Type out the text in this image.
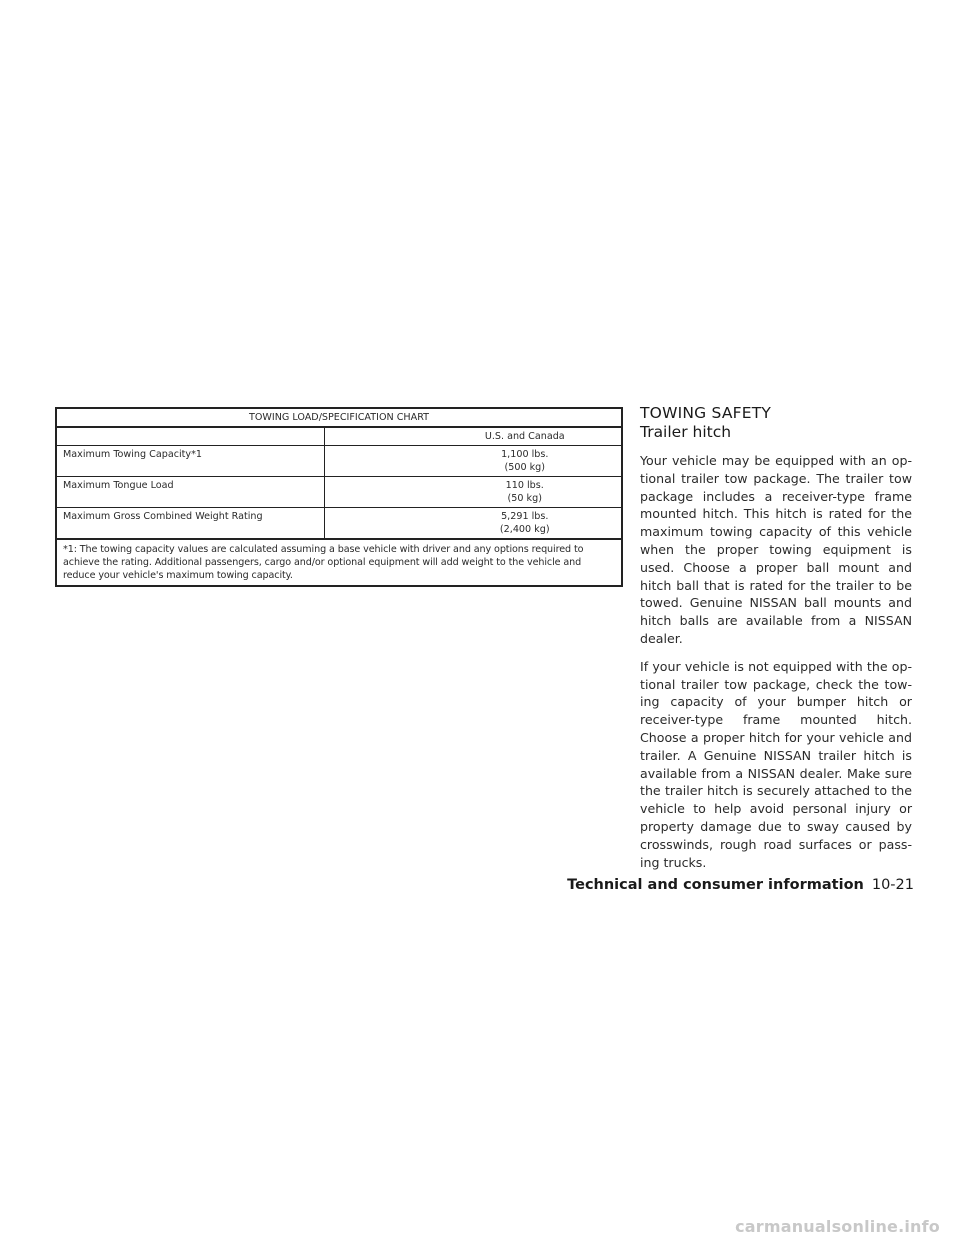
TOWING LOAD/SPECIFICATION CHART	
	U.S. and Canada
Maximum Towing Capacity*1	1,100 lbs.
(500 kg)

Maximum Tongue Load	110 lbs.
(50 kg)

Maximum Gross Combined Weight Rating	5,291 lbs.
(2,400 kg)

*1: The towing capacity values are calculated assuming a base vehicle with driver and any options required to achieve the rating. Additional passengers, cargo and/or optional equipment will add weight to the vehicle and reduce your vehicle's maximum towing capacity.	
TOWING SAFETY
Trailer hitch

Your vehicle may be equipped with an optional trailer tow package. The trailer tow package includes a receiver-type frame mounted hitch. This hitch is rated for the maximum towing capacity of this vehicle when the proper towing equipment is used. Choose a proper ball mount and hitch ball that is rated for the trailer to be towed. Genuine NISSAN ball mounts and hitch balls are available from a NISSAN dealer.

If your vehicle is not equipped with the optional trailer tow package, check the towing capacity of your bumper hitch or receiver-type frame mounted hitch. Choose a proper hitch for your vehicle and trailer. A Genuine NISSAN trailer hitch is available from a NISSAN dealer. Make sure the trailer hitch is securely attached to the vehicle to help avoid personal injury or property damage due to sway caused by crosswinds, rough road surfaces or passing trucks.

Technical and consumer information 10-21
carmanualsonline.info
